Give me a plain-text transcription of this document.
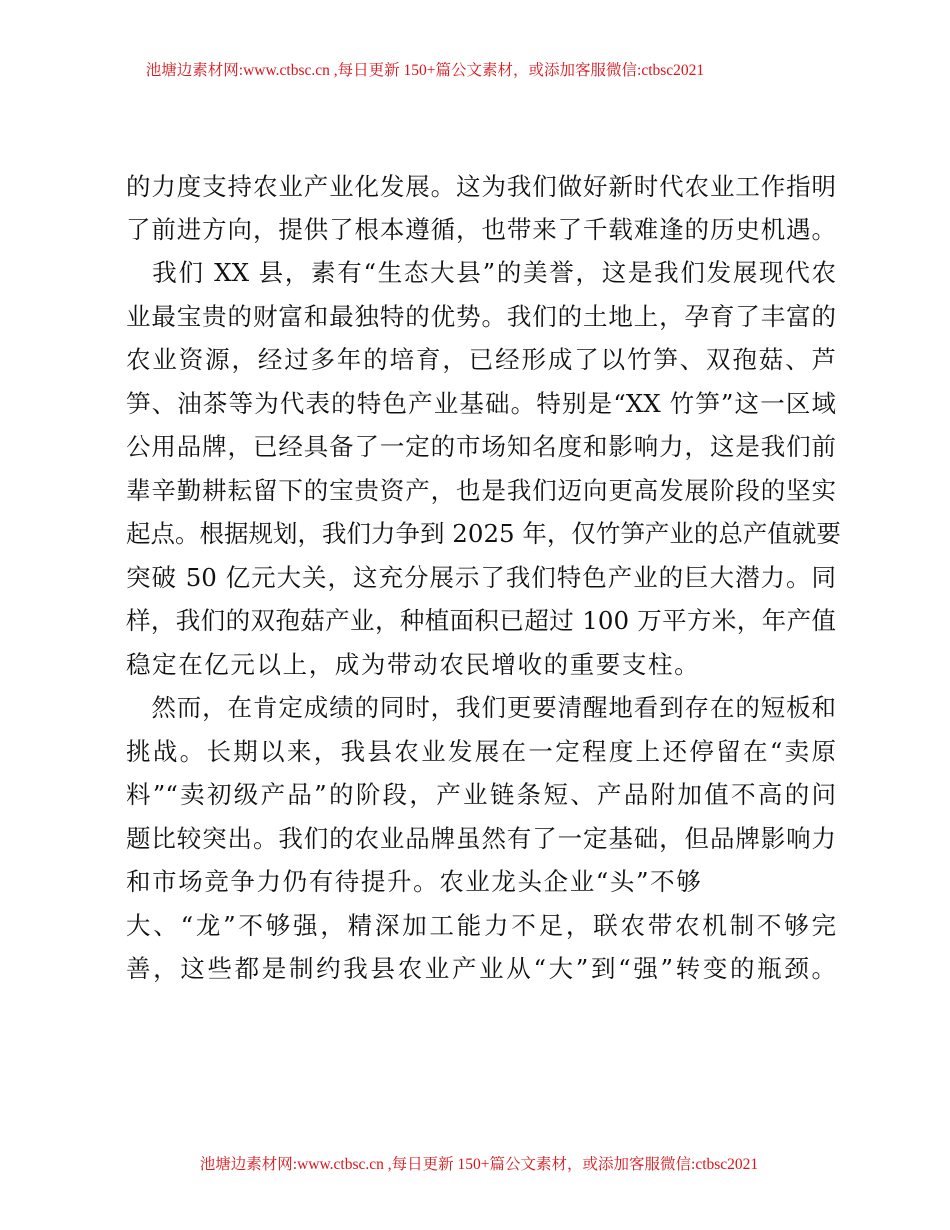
池塘边素材网:www.ctbsc.cn ,每日更新 150+篇公文素材，或添加客服微信:ctbsc2021
的力度支持农业产业化发展。这为我们做好新时代农业工作指明
了前进方向，提供了根本遵循，也带来了千载难逢的历史机遇。
　我们 XX 县，素有“生态大县”的美誉，这是我们发展现代农
业最宝贵的财富和最独特的优势。我们的土地上，孕育了丰富的
农业资源，经过多年的培育，已经形成了以竹笋、双孢菇、芦
笋、油茶等为代表的特色产业基础。特别是“XX 竹笋”这一区域
公用品牌，已经具备了一定的市场知名度和影响力，这是我们前
辈辛勤耕耘留下的宝贵资产，也是我们迈向更高发展阶段的坚实
起点。根据规划，我们力争到 2025 年，仅竹笋产业的总产值就要
突破 50 亿元大关，这充分展示了我们特色产业的巨大潜力。同
样，我们的双孢菇产业，种植面积已超过 100 万平方米，年产值
稳定在亿元以上，成为带动农民增收的重要支柱。
　然而，在肯定成绩的同时，我们更要清醒地看到存在的短板和
挑战。长期以来，我县农业发展在一定程度上还停留在“卖原
料”“卖初级产品”的阶段，产业链条短、产品附加值不高的问
题比较突出。我们的农业品牌虽然有了一定基础，但品牌影响力
和市场竞争力仍有待提升。农业龙头企业“头”不够
大、“龙”不够强，精深加工能力不足，联农带农机制不够完
善，这些都是制约我县农业产业从“大”到“强”转变的瓶颈。
池塘边素材网:www.ctbsc.cn ,每日更新 150+篇公文素材，或添加客服微信:ctbsc2021
